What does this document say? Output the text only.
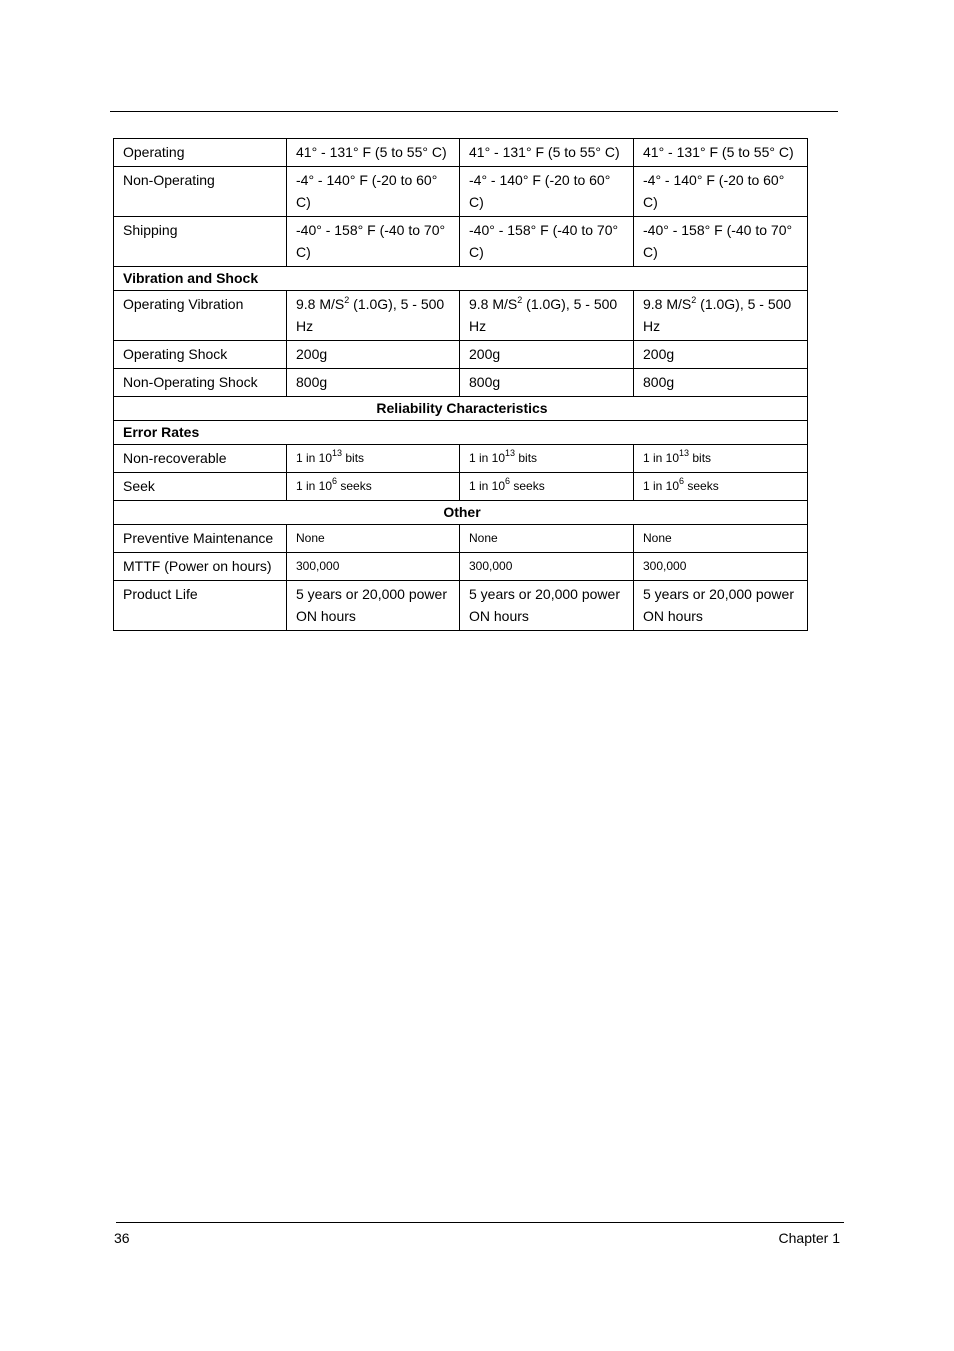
Operating	41° - 131° F (5 to 55° C)	41° - 131° F (5 to 55° C)	41° - 131° F (5 to 55° C)
Non-Operating	-4° - 140° F (-20 to 60° C)	-4° - 140° F (-20 to 60° C)	-4° - 140° F (-20 to 60° C)
Shipping	-40° - 158° F (-40 to 70° C)	-40° - 158° F (-40 to 70° C)	-40° - 158° F (-40 to 70° C)
Vibration and Shock			
Operating Vibration	9.8 $M/S^2$ (1.0G), 5 - 500 Hz	9.8 $M/S^2$ (1.0G), 5 - 500 Hz	9.8 $M/S^2$ (1.0G), 5 - 500 Hz
Operating Shock	200g	200g	200g
Non-Operating Shock	800g	800g	800g
Reliability Characteristics			
Error Rates			
Non-recoverable	1 in $10^{13}$ bits	1 in $10^{13}$ bits	1 in $10^{13}$ bits
Seek	1 in $10^6$ seeks	1 in $10^6$ seeks	1 in $10^6$ seeks
Other			
Preventive Maintenance	None	None	None
MTTF (Power on hours)	300,000	300,000	300,000
Product Life	5 years or 20,000 power ON hours	5 years or 20,000 power ON hours	5 years or 20,000 power ON hours
36	Chapter 1
